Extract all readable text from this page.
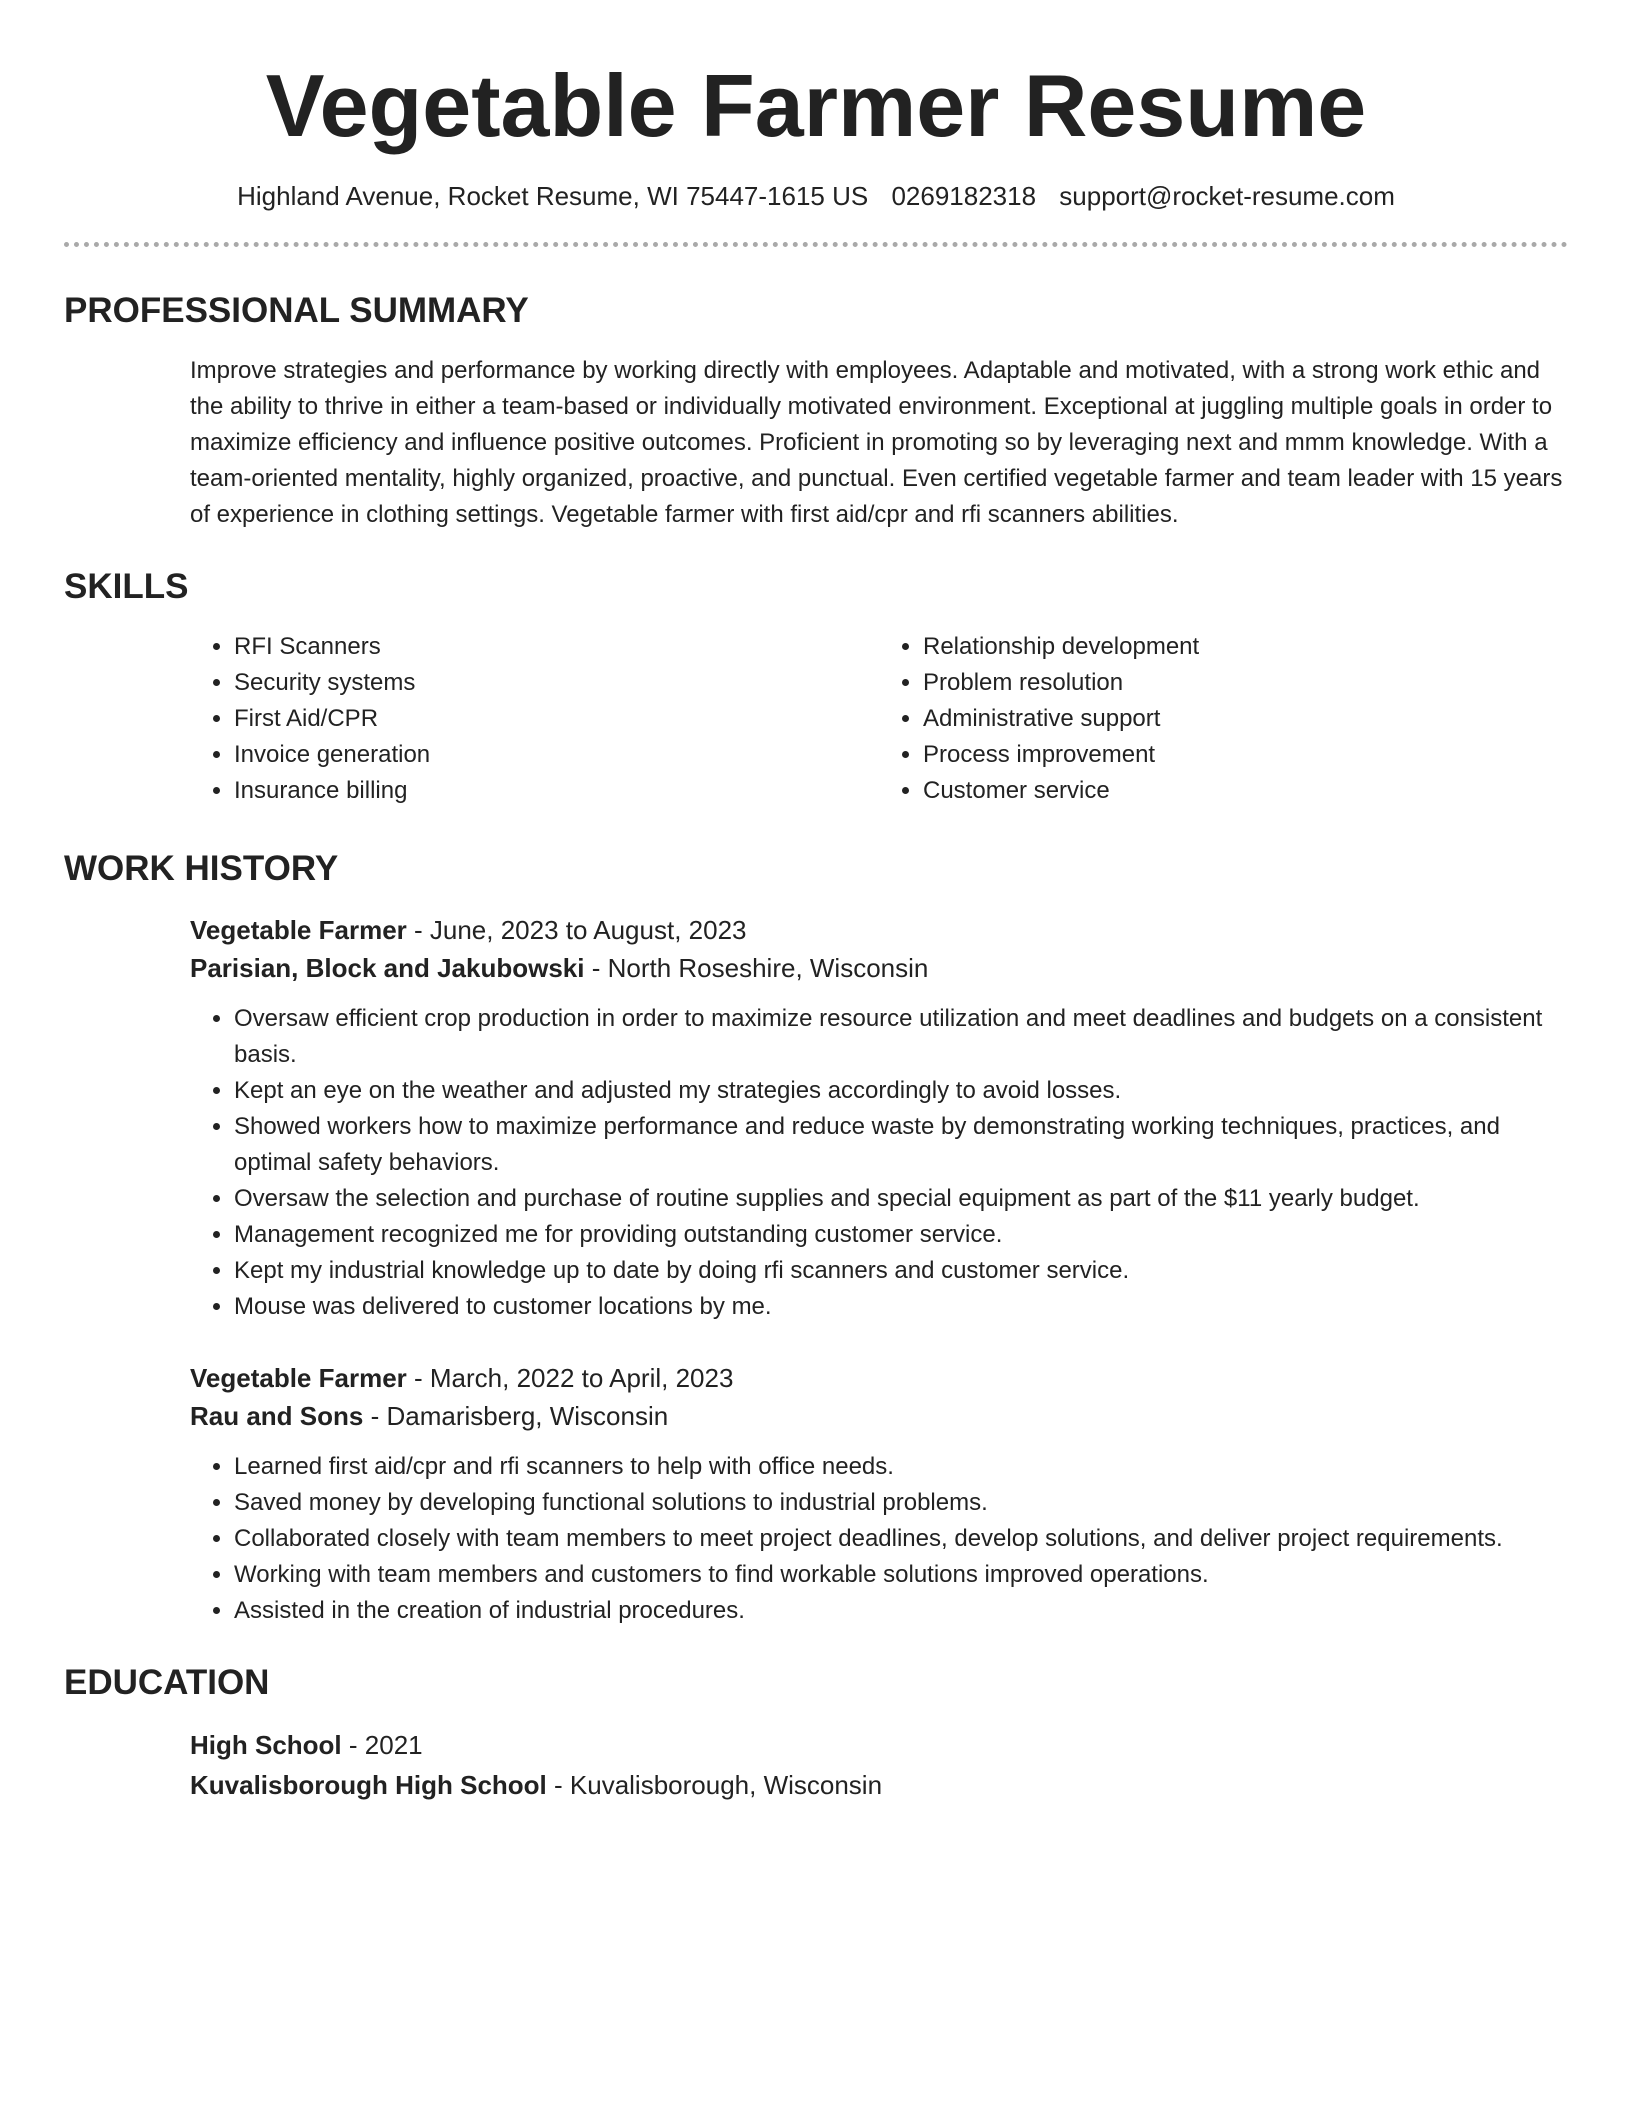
Vegetable Farmer Resume
Highland Avenue, Rocket Resume, WI 75447-1615 US 0269182318 support@rocket-resume.com
PROFESSIONAL SUMMARY

Improve strategies and performance by working directly with employees. Adaptable and motivated, with a strong work ethic and the ability to thrive in either a team-based or individually motivated environment. Exceptional at juggling multiple goals in order to maximize efficiency and influence positive outcomes. Proficient in promoting so by leveraging next and mmm knowledge. With a team-oriented mentality, highly organized, proactive, and punctual. Even certified vegetable farmer and team leader with 15 years of experience in clothing settings. Vegetable farmer with first aid/cpr and rfi scanners abilities.

SKILLS
• RFI Scanners
• Security systems
• First Aid/CPR
• Invoice generation
• Insurance billing
• Relationship development
• Problem resolution
• Administrative support
• Process improvement
• Customer service
WORK HISTORY
Vegetable Farmer - June, 2023 to August, 2023
Parisian, Block and Jakubowski - North Roseshire, Wisconsin
• Oversaw efficient crop production in order to maximize resource utilization and meet deadlines and budgets on a consistent basis.
• Kept an eye on the weather and adjusted my strategies accordingly to avoid losses.
• Showed workers how to maximize performance and reduce waste by demonstrating working techniques, practices, and optimal safety behaviors.
• Oversaw the selection and purchase of routine supplies and special equipment as part of the $11 yearly budget.
• Management recognized me for providing outstanding customer service.
• Kept my industrial knowledge up to date by doing rfi scanners and customer service.
• Mouse was delivered to customer locations by me.
Vegetable Farmer - March, 2022 to April, 2023
Rau and Sons - Damarisberg, Wisconsin
• Learned first aid/cpr and rfi scanners to help with office needs.
• Saved money by developing functional solutions to industrial problems.
• Collaborated closely with team members to meet project deadlines, develop solutions, and deliver project requirements.
• Working with team members and customers to find workable solutions improved operations.
• Assisted in the creation of industrial procedures.
EDUCATION
High School - 2021
Kuvalisborough High School - Kuvalisborough, Wisconsin
